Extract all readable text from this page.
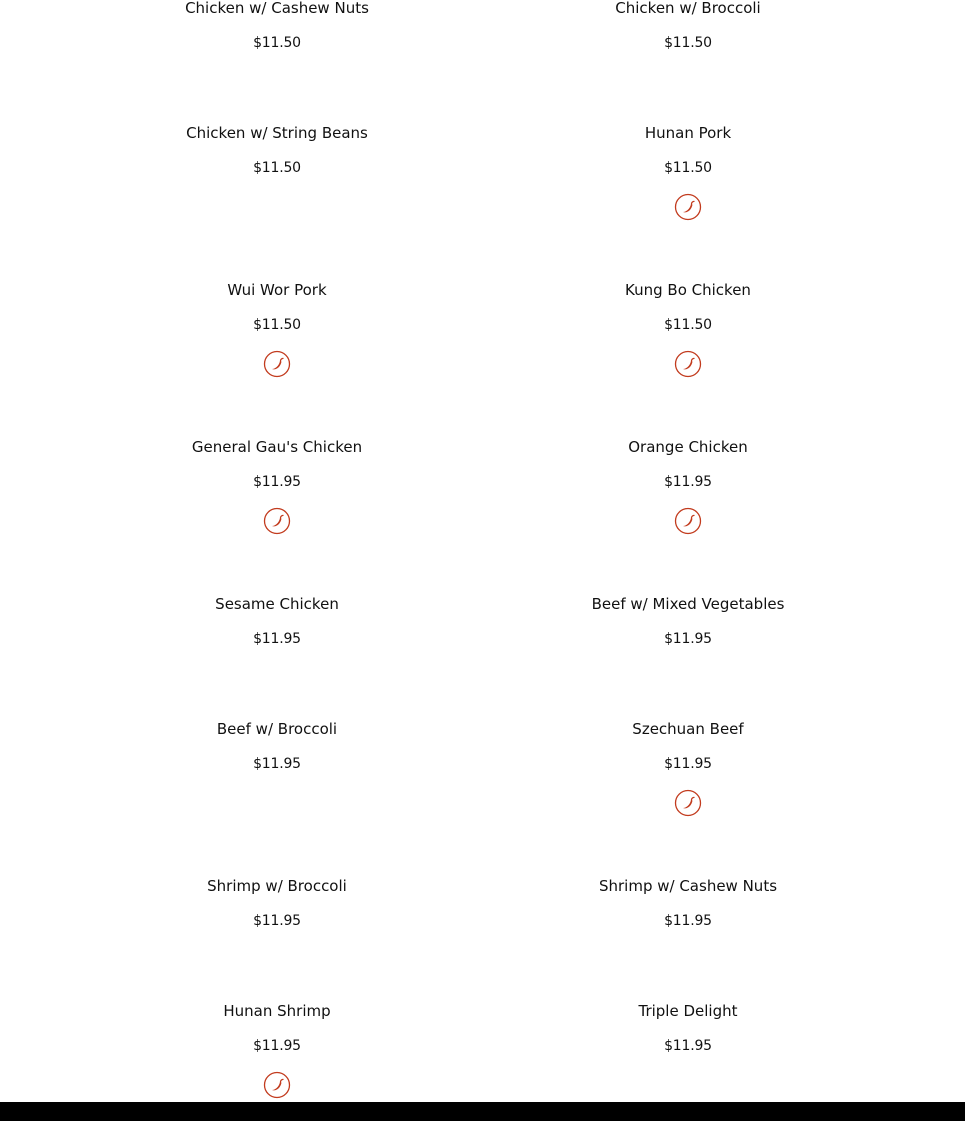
Chicken w/ Cashew Nuts
$11.50
Chicken w/ Broccoli
$11.50
Chicken w/ String Beans
$11.50
Hunan Pork
$11.50
Wui Wor Pork
$11.50
Kung Bo Chicken
$11.50
General Gau's Chicken
$11.95
Orange Chicken
$11.95
Sesame Chicken
$11.95
Beef w/ Mixed Vegetables
$11.95
Beef w/ Broccoli
$11.95
Szechuan Beef
$11.95
Shrimp w/ Broccoli
$11.95
Shrimp w/ Cashew Nuts
$11.95
Hunan Shrimp
$11.95
Triple Delight
$11.95
